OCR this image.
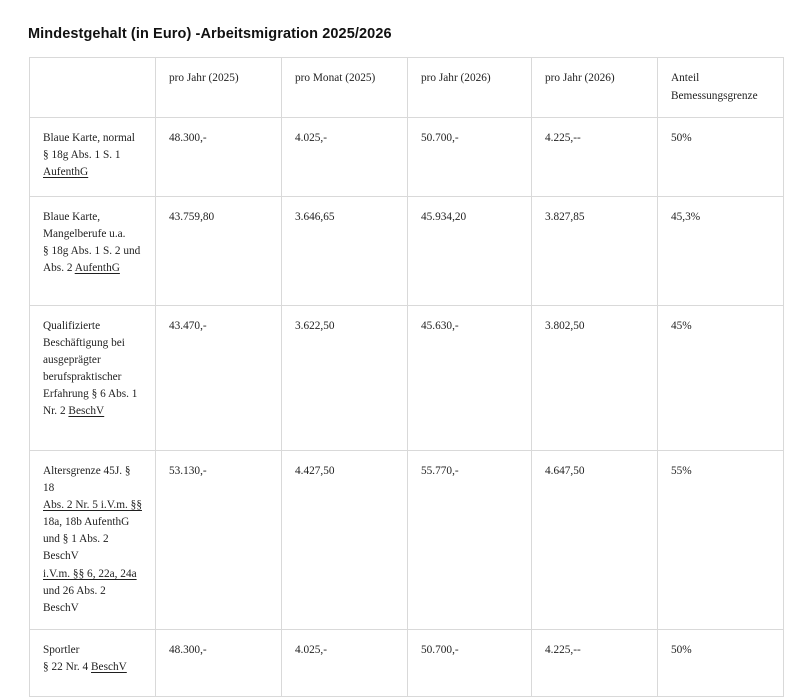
Mindestgehalt (in Euro) -Arbeitsmigration 2025/2026
	pro Jahr (2025)	pro Monat (2025)	pro Jahr (2026)	pro Jahr (2026)	Anteil Bemessungsgrenze
Blaue Karte, normal
§ 18g Abs. 1 S. 1 AufenthG	48.300,-	4.025,-	50.700,-	4.225,--	50%
Blaue Karte,
Mangelberufe u.a.
§ 18g Abs. 1 S. 2 und
Abs. 2 AufenthG	43.759,80	3.646,65	45.934,20	3.827,85	45,3%
Qualifizierte
Beschäftigung bei
ausgeprägter
berufspraktischer
Erfahrung § 6 Abs. 1
Nr. 2 BeschV	43.470,-	3.622,50	45.630,-	3.802,50	45%
Altersgrenze 45J. § 18
Abs. 2 Nr. 5 i.V.m. §§
18a, 18b AufenthG
und § 1 Abs. 2 BeschV
i.V.m. §§ 6, 22a, 24a
und 26 Abs. 2 BeschV	53.130,-	4.427,50	55.770,-	4.647,50	55%
Sportler
§ 22 Nr. 4 BeschV	48.300,-	4.025,-	50.700,-	4.225,--	50%
